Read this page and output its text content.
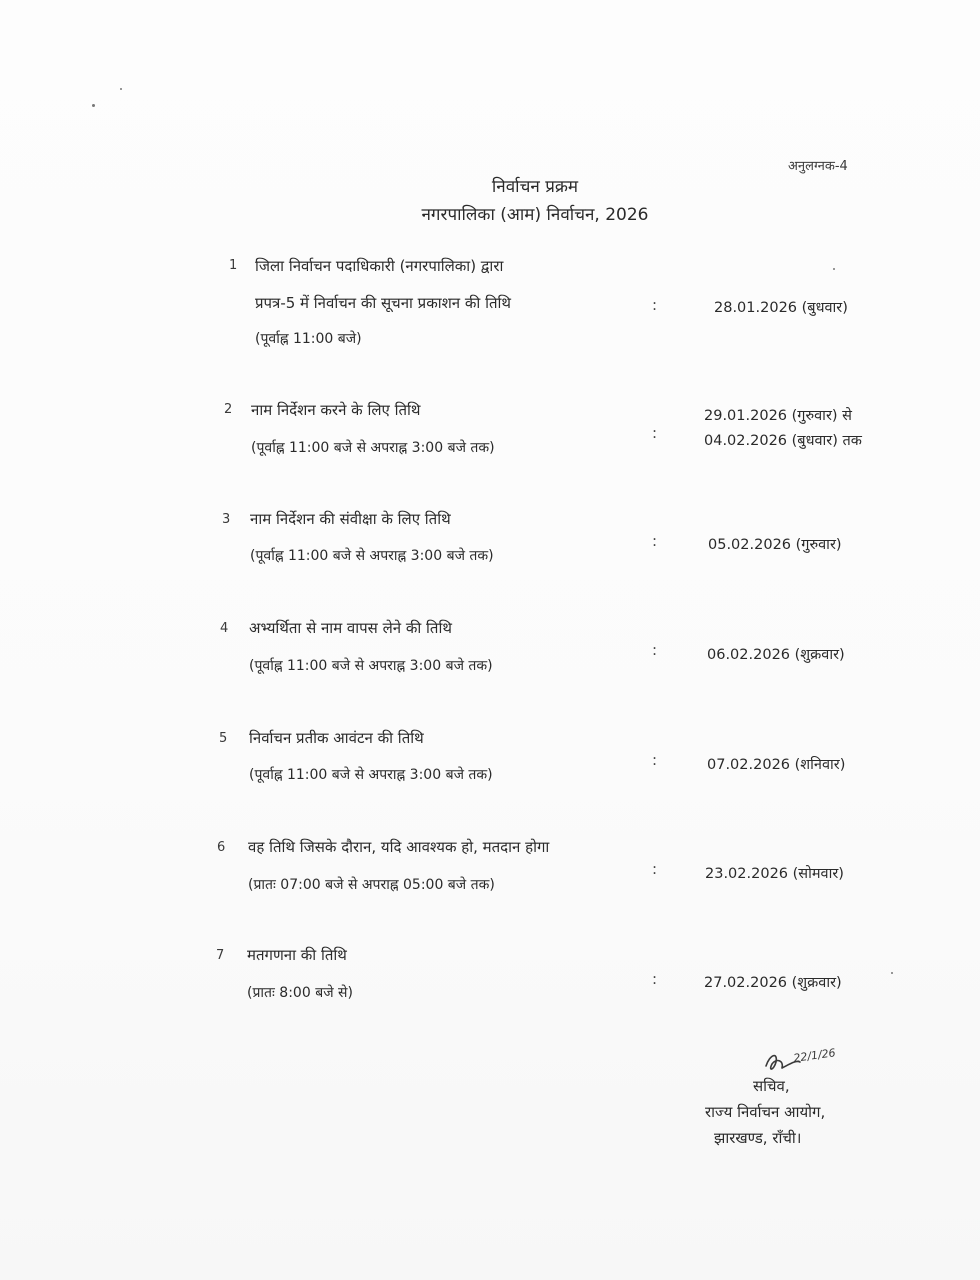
अनुलग्नक-4
निर्वाचन प्रक्रम
नगरपालिका (आम) निर्वाचन, 2026
1 जिला निर्वाचन पदाधिकारी (नगरपालिका) द्वारा
प्रपत्र-5 में निर्वाचन की सूचना प्रकाशन की तिथि
(पूर्वाह्न 11:00 बजे)
:	28.01.2026 (बुधवार)
2 नाम निर्देशन करने के लिए तिथि
(पूर्वाह्न 11:00 बजे से अपराह्न 3:00 बजे तक)
:
29.01.2026 (गुरुवार) से
04.02.2026 (बुधवार) तक
3 नाम निर्देशन की संवीक्षा के लिए तिथि
(पूर्वाह्न 11:00 बजे से अपराह्न 3:00 बजे तक)
:	05.02.2026 (गुरुवार)
4 अभ्यर्थिता से नाम वापस लेने की तिथि
(पूर्वाह्न 11:00 बजे से अपराह्न 3:00 बजे तक)
:	06.02.2026 (शुक्रवार)
5 निर्वाचन प्रतीक आवंटन की तिथि
(पूर्वाह्न 11:00 बजे से अपराह्न 3:00 बजे तक)
:	07.02.2026 (शनिवार)
6 वह तिथि जिसके दौरान, यदि आवश्यक हो, मतदान होगा
(प्रातः 07:00 बजे से अपराह्न 05:00 बजे तक)
:	23.02.2026 (सोमवार)
7 मतगणना की तिथि
(प्रातः 8:00 बजे से)
:	27.02.2026 (शुक्रवार)
22/1/26
सचिव,
राज्य निर्वाचन आयोग,
झारखण्ड, राँची।
